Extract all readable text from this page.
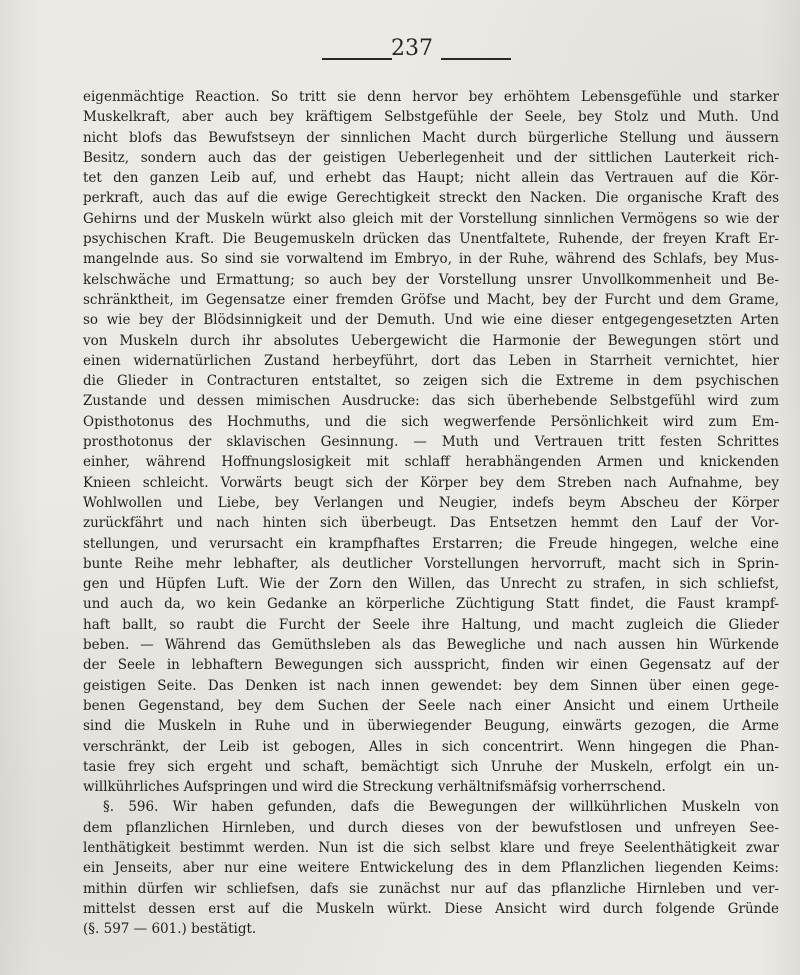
237
eigenmächtige Reaction. So tritt sie denn hervor bey erhöhtem Lebensgefühle und starker
Muskelkraft, aber auch bey kräftigem Selbstgefühle der Seele, bey Stolz und Muth. Und
nicht blofs das Bewufstseyn der sinnlichen Macht durch bürgerliche Stellung und äussern
Besitz, sondern auch das der geistigen Ueberlegenheit und der sittlichen Lauterkeit rich-
tet den ganzen Leib auf, und erhebt das Haupt; nicht allein das Vertrauen auf die Kör-
perkraft, auch das auf die ewige Gerechtigkeit streckt den Nacken. Die organische Kraft des
Gehirns und der Muskeln würkt also gleich mit der Vorstellung sinnlichen Vermögens so wie der
psychischen Kraft. Die Beugemuskeln drücken das Unentfaltete, Ruhende, der freyen Kraft Er-
mangelnde aus. So sind sie vorwaltend im Embryo, in der Ruhe, während des Schlafs, bey Mus-
kelschwäche und Ermattung; so auch bey der Vorstellung unsrer Unvollkommenheit und Be-
schränktheit, im Gegensatze einer fremden Gröfse und Macht, bey der Furcht und dem Grame,
so wie bey der Blödsinnigkeit und der Demuth. Und wie eine dieser entgegengesetzten Arten
von Muskeln durch ihr absolutes Uebergewicht die Harmonie der Bewegungen stört und
einen widernatürlichen Zustand herbeyführt, dort das Leben in Starrheit vernichtet, hier
die Glieder in Contracturen entstaltet, so zeigen sich die Extreme in dem psychischen
Zustande und dessen mimischen Ausdrucke: das sich überhebende Selbstgefühl wird zum
Opisthotonus des Hochmuths, und die sich wegwerfende Persönlichkeit wird zum Em-
prosthotonus der sklavischen Gesinnung. — Muth und Vertrauen tritt festen Schrittes
einher, während Hoffnungslosigkeit mit schlaff herabhängenden Armen und knickenden
Knieen schleicht. Vorwärts beugt sich der Körper bey dem Streben nach Aufnahme, bey
Wohlwollen und Liebe, bey Verlangen und Neugier, indefs beym Abscheu der Körper
zurückfährt und nach hinten sich überbeugt. Das Entsetzen hemmt den Lauf der Vor-
stellungen, und verursacht ein krampfhaftes Erstarren; die Freude hingegen, welche eine
bunte Reihe mehr lebhafter, als deutlicher Vorstellungen hervorruft, macht sich in Sprin-
gen und Hüpfen Luft. Wie der Zorn den Willen, das Unrecht zu strafen, in sich schliefst,
und auch da, wo kein Gedanke an körperliche Züchtigung Statt findet, die Faust krampf-
haft ballt, so raubt die Furcht der Seele ihre Haltung, und macht zugleich die Glieder
beben. — Während das Gemüthsleben als das Bewegliche und nach aussen hin Würkende
der Seele in lebhaftern Bewegungen sich ausspricht, finden wir einen Gegensatz auf der
geistigen Seite. Das Denken ist nach innen gewendet: bey dem Sinnen über einen gege-
benen Gegenstand, bey dem Suchen der Seele nach einer Ansicht und einem Urtheile
sind die Muskeln in Ruhe und in überwiegender Beugung, einwärts gezogen, die Arme
verschränkt, der Leib ist gebogen, Alles in sich concentrirt. Wenn hingegen die Phan-
tasie frey sich ergeht und schaft, bemächtigt sich Unruhe der Muskeln, erfolgt ein un-
willkührliches Aufspringen und wird die Streckung verhältnifsmäfsig vorherrschend.
§. 596. Wir haben gefunden, dafs die Bewegungen der willkührlichen Muskeln von
dem pflanzlichen Hirnleben, und durch dieses von der bewufstlosen und unfreyen See-
lenthätigkeit bestimmt werden. Nun ist die sich selbst klare und freye Seelenthätigkeit zwar
ein Jenseits, aber nur eine weitere Entwickelung des in dem Pflanzlichen liegenden Keims:
mithin dürfen wir schliefsen, dafs sie zunächst nur auf das pflanzliche Hirnleben und ver-
mittelst dessen erst auf die Muskeln würkt. Diese Ansicht wird durch folgende Gründe
(§. 597 — 601.) bestätigt.
